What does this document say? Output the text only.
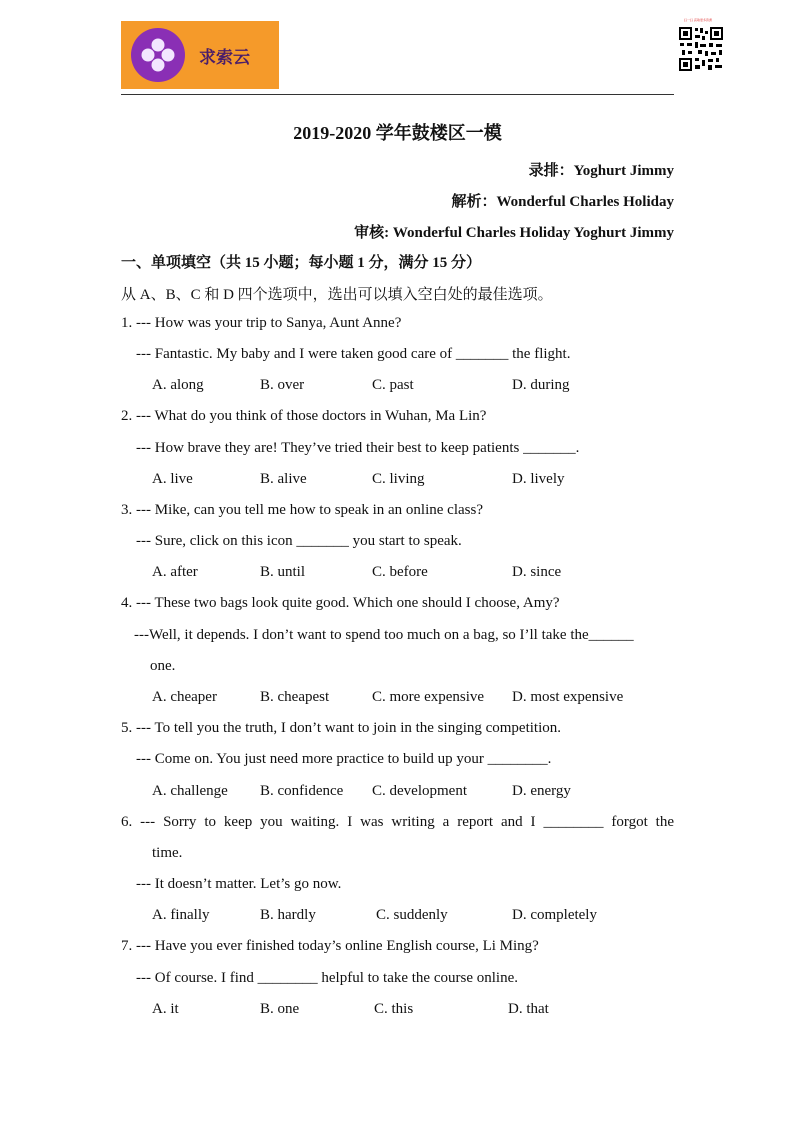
求索云
扫一扫 获取更多资源
2019-2020 学年鼓楼区一模
录排：Yoghurt Jimmy
解析：Wonderful Charles Holiday
审核: Wonderful Charles Holiday Yoghurt Jimmy
一、单项填空（共 15 小题；每小题 1 分，满分 15 分）
从 A、B、C 和 D 四个选项中，选出可以填入空白处的最佳选项。
1. --- How was your trip to Sanya, Aunt Anne?
--- Fantastic. My baby and I were taken good care of _______ the flight.
A. along	B. over	C. past	D. during
2. --- What do you think of those doctors in Wuhan, Ma Lin?
--- How brave they are! They’ve tried their best to keep patients _______.
A. live	B. alive	C. living	D. lively
3. --- Mike, can you tell me how to speak in an online class?
--- Sure, click on this icon _______ you start to speak.
A. after	B. until	C. before	D. since
4. --- These two bags look quite good. Which one should I choose, Amy?
---Well, it depends. I don’t want to spend too much on a bag, so I’ll take the______
one.
A. cheaper	B. cheapest	C. more expensive D. most expensive
5. --- To tell you the truth, I don’t want to join in the singing competition.
--- Come on. You just need more practice to build up your ________.
A. challenge B. confidence C. development	D. energy
6. --- Sorry to keep you waiting. I was writing a report and I ________ forgot the
time.
--- It doesn’t matter. Let’s go now.
A. finally	B. hardly	C. suddenly	D. completely
7. --- Have you ever finished today’s online English course, Li Ming?
--- Of course. I find ________ helpful to take the course online.
A. it	B. one	C. this	D. that
